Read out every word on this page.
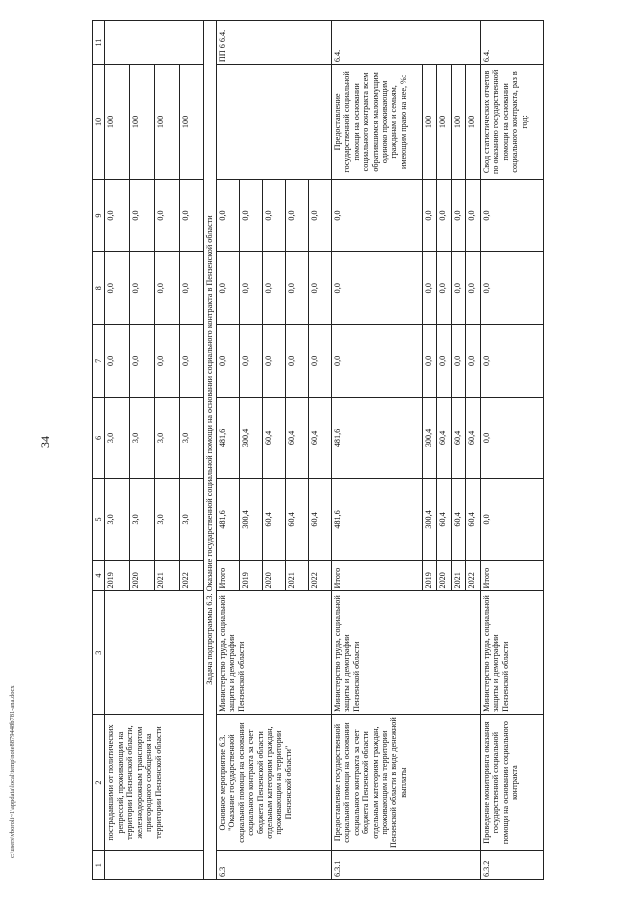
34
c:\users\vboroli~1\appdata\local\temp\note8879448b781-ana.docx
1	2	3	4	5	6	7	8	9	10	11
	пострадавшими от политических репрессий, проживающим на территории Пензенской области, железнодорожным транспортом пригородного сообщения на территории Пензенской области		2019	3,0	3,0	0,0	0,0	0,0	100	
			2020	3,0	3,0	0,0	0,0	0,0	100	
			2021	3,0	3,0	0,0	0,0	0,0	100	
			2022	3,0	3,0	0,0	0,0	0,0	100	
Задача подпрограммы 6.3. Оказание государственной социальной помощи на основании социального контракта в Пензенской области										
6.3	Основное мероприятие 6.3. "Оказание государственной социальной помощи на основании социального контракта за счет бюджета Пензенской области отдельным категориям граждан, проживающим на территории Пензенской области"	Министерство труда, социальной защиты и демографии Пензенской области	Итого	481,6	481,6	0,0	0,0	0,0		ПП 6 6.4.
			2019	300,4	300,4	0,0	0,0	0,0		
			2020	60,4	60,4	0,0	0,0	0,0		
			2021	60,4	60,4	0,0	0,0	0,0		
			2022	60,4	60,4	0,0	0,0	0,0		
6.3.1	Предоставление государственной социальной помощи на основании социального контракта за счет бюджета Пензенской области отдельным категориям граждан, проживающим на территории Пензенской области в виде денежной выплаты	Министерство труда, социальной защиты и демографии Пензенской области	Итого	481,6	481,6	0,0	0,0	0,0	Предоставление государственной социальной помощи на основании социального контракта всем обратившимся малоимущим одиноко проживающим гражданам и семьям, имеющим право на нее, %:	6.4.
			2019	300,4	300,4	0,0	0,0	0,0	100	
			2020	60,4	60,4	0,0	0,0	0,0	100	
			2021	60,4	60,4	0,0	0,0	0,0	100	
			2022	60,4	60,4	0,0	0,0	0,0	100	
6.3.2	Проведение мониторинга оказания государственной социальной помощи на основании социального контракта	Министерство труда, социальной защиты и демографии Пензенской области	Итого	0,0	0,0	0,0	0,0	0,0	Свод статистических отчетов по оказанию государственной помощи на основании социального контракта, раз в год:	6.4.
